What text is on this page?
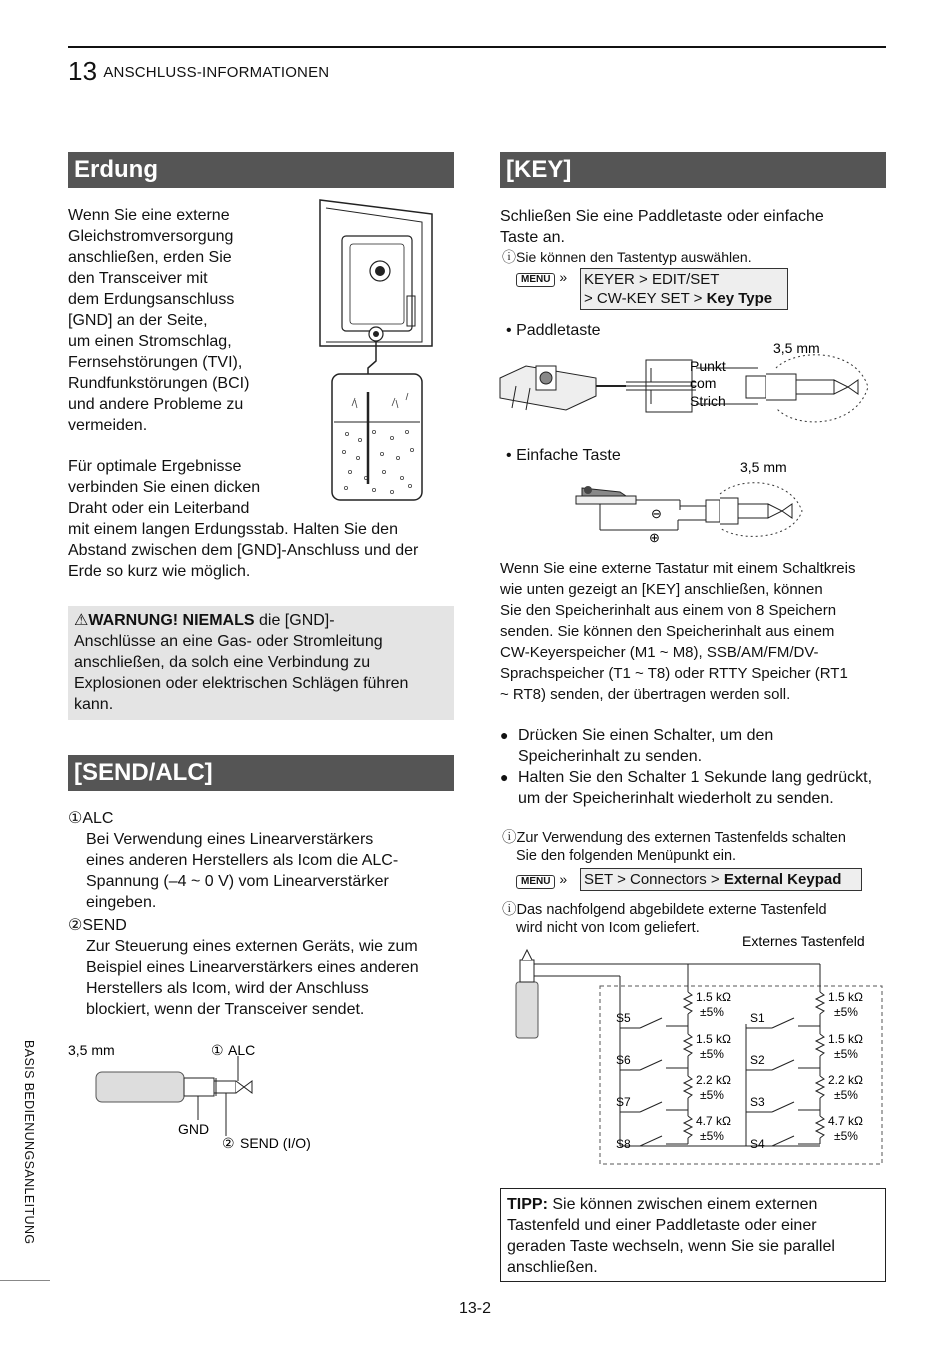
13 ANSCHLUSS-INFORMATIONEN
Erdung
Wenn Sie eine externe
Gleichstromversorgung
anschließen, erden Sie
den Transceiver mit
dem Erdungsanschluss
[GND] an der Seite,
um einen Stromschlag,
Fernsehstörungen (TVI),
Rundfunkstörungen (BCI)
und andere Probleme zu
vermeiden.
Für optimale Ergebnisse
verbinden Sie einen dicken
Draht oder ein Leiterband
mit einem langen Erdungsstab. Halten Sie den
Abstand zwischen dem [GND]-Anschluss und der
Erde so kurz wie möglich.
⚠WARNUNG! NIEMALS die [GND]-
Anschlüsse an eine Gas- oder Stromleitung
anschließen, da solch eine Verbindung zu
Explosionen oder elektrischen Schlägen führen
kann.
[SEND/ALC]
①ALC
Bei Verwendung eines Linearverstärkers
eines anderen Herstellers als Icom die ALC-
Spannung (–4 ~ 0 V) vom Linearverstärker
eingeben.
②SEND
Zur Steuerung eines externen Geräts, wie zum
Beispiel eines Linearverstärkers eines anderen
Herstellers als Icom, wird der Anschluss
blockiert, wenn der Transceiver sendet.
3,5 mm	① ALC
GND
② SEND (I/O)
[KEY]
Schließen Sie eine Paddletaste oder einfache
Taste an.
ⓘSie können den Tastentyp auswählen.
MENU » KEYER > EDIT/SET
> CW-KEY SET > Key Type
• Paddletaste
3,5 mm
Punkt
com
Strich
• Einfache Taste
3,5 mm
⊖
⊕
Wenn Sie eine externe Tastatur mit einem Schaltkreis
wie unten gezeigt an [KEY] anschließen, können
Sie den Speicherinhalt aus einem von 8 Speichern
senden. Sie können den Speicherinhalt aus einem
CW-Keyerspeicher (M1 ~ M8), SSB/AM/FM/DV-
Sprachspeicher (T1 ~ T8) oder RTTY Speicher (RT1
~ RT8) senden, der übertragen werden soll.
● Drücken Sie einen Schalter, um den
Speicherinhalt zu senden.
● Halten Sie den Schalter 1 Sekunde lang gedrückt,
um der Speicherinhalt wiederholt zu senden.
ⓘZur Verwendung des externen Tastenfelds schalten
Sie den folgenden Menüpunkt ein.
MENU » SET > Connectors > External Keypad
ⓘDas nachfolgend abgebildete externe Tastenfeld
wird nicht von Icom geliefert.
Externes Tastenfeld
S5
S6
S7
S8
S1
S2
S3
S4
1.5 kΩ
±5%
1.5 kΩ
±5%
2.2 kΩ
±5%
4.7 kΩ
±5%
1.5 kΩ
±5%
1.5 kΩ
±5%
2.2 kΩ
±5%
4.7 kΩ
±5%
TIPP: Sie können zwischen einem externen
Tastenfeld und einer Paddletaste oder einer
geraden Taste wechseln, wenn Sie sie parallel
anschließen.
BASIS BEDIENUNGSANLEITUNG
13-2
